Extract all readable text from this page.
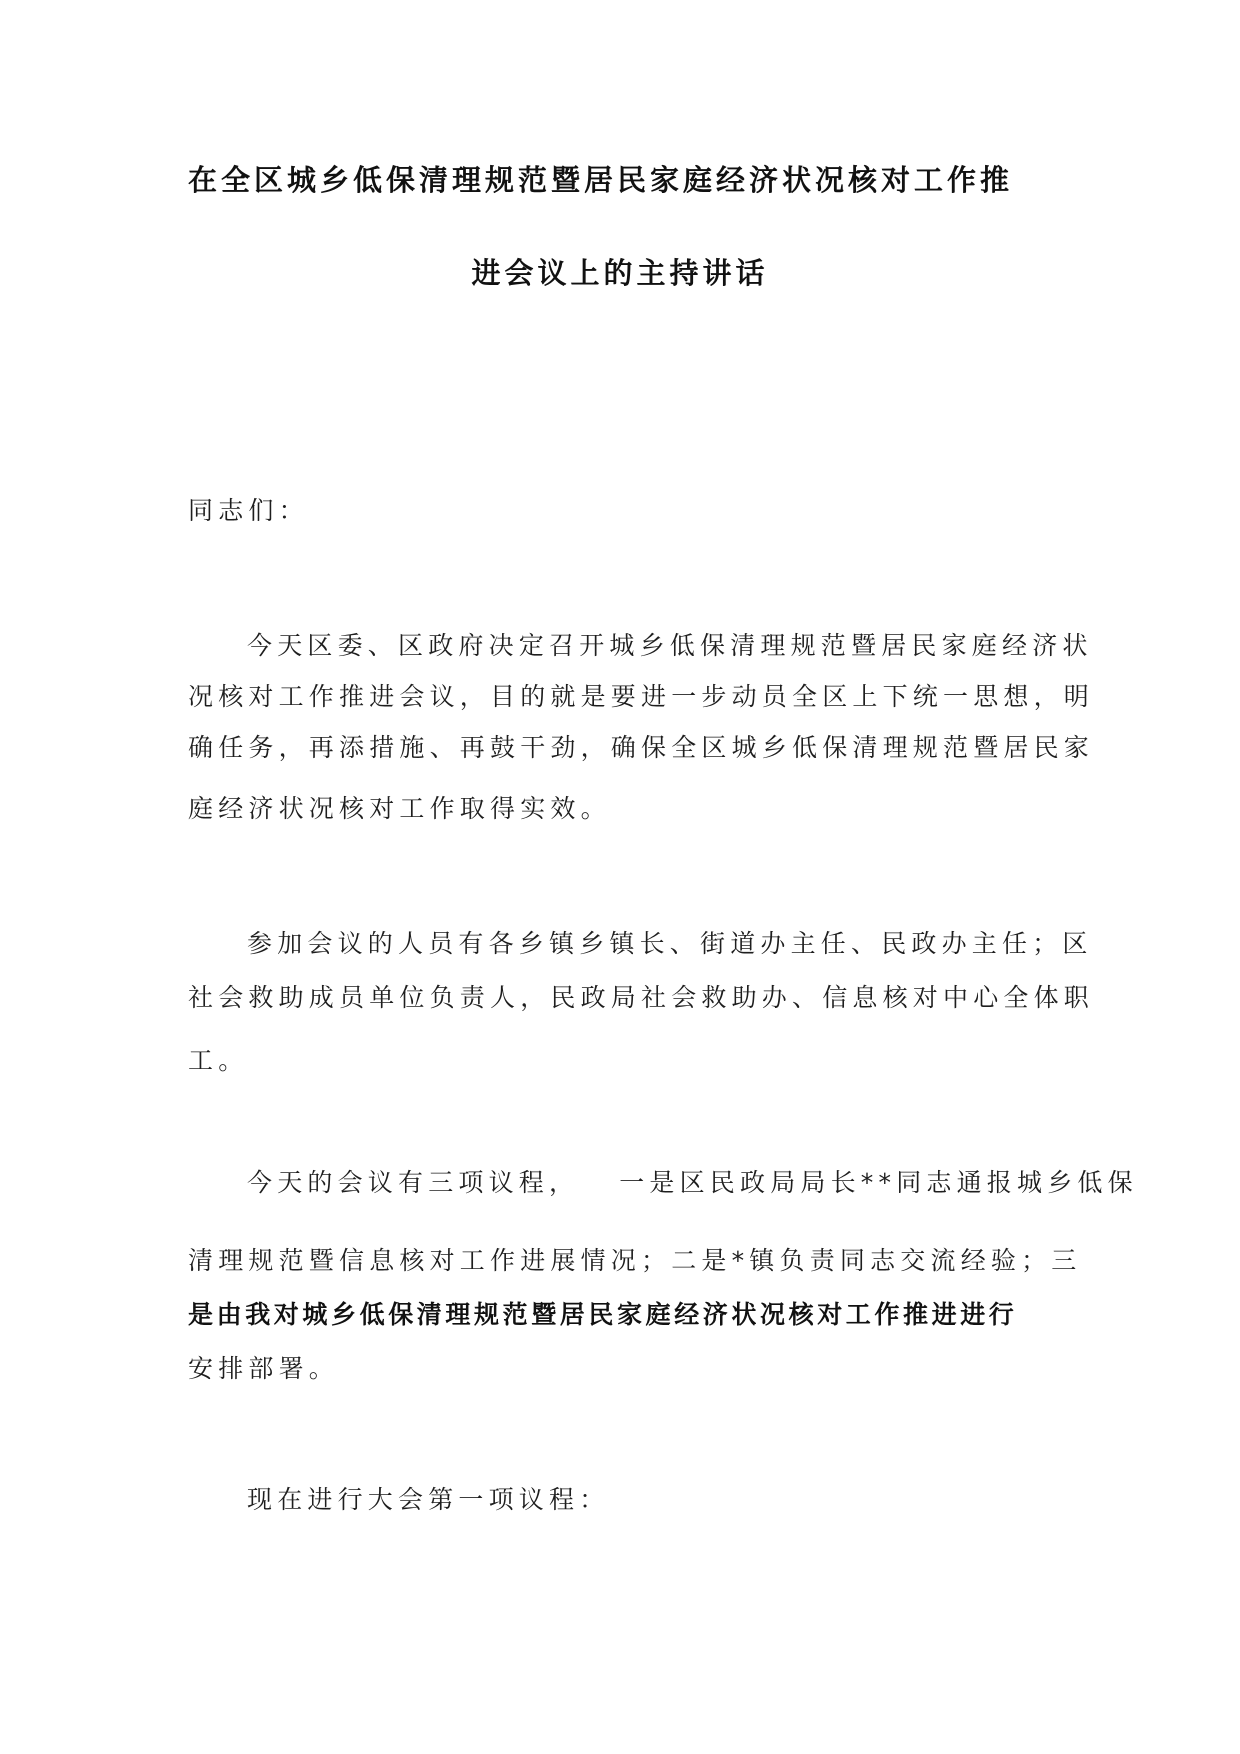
在全区城乡低保清理规范暨居民家庭经济状况核对工作推
进会议上的主持讲话
同志们：
今天区委、区政府决定召开城乡低保清理规范暨居民家庭经济状
况核对工作推进会议，目的就是要进一步动员全区上下统一思想，明
确任务，再添措施、再鼓干劲，确保全区城乡低保清理规范暨居民家
庭经济状况核对工作取得实效。
参加会议的人员有各乡镇乡镇长、街道办主任、民政办主任；区
社会救助成员单位负责人，民政局社会救助办、信息核对中心全体职
工。
今天的会议有三项议程， 一是区民政局局长**同志通报城乡低保
清理规范暨信息核对工作进展情况；二是*镇负责同志交流经验；三
是由我对城乡低保清理规范暨居民家庭经济状况核对工作推进进行
安排部署。
现在进行大会第一项议程：
